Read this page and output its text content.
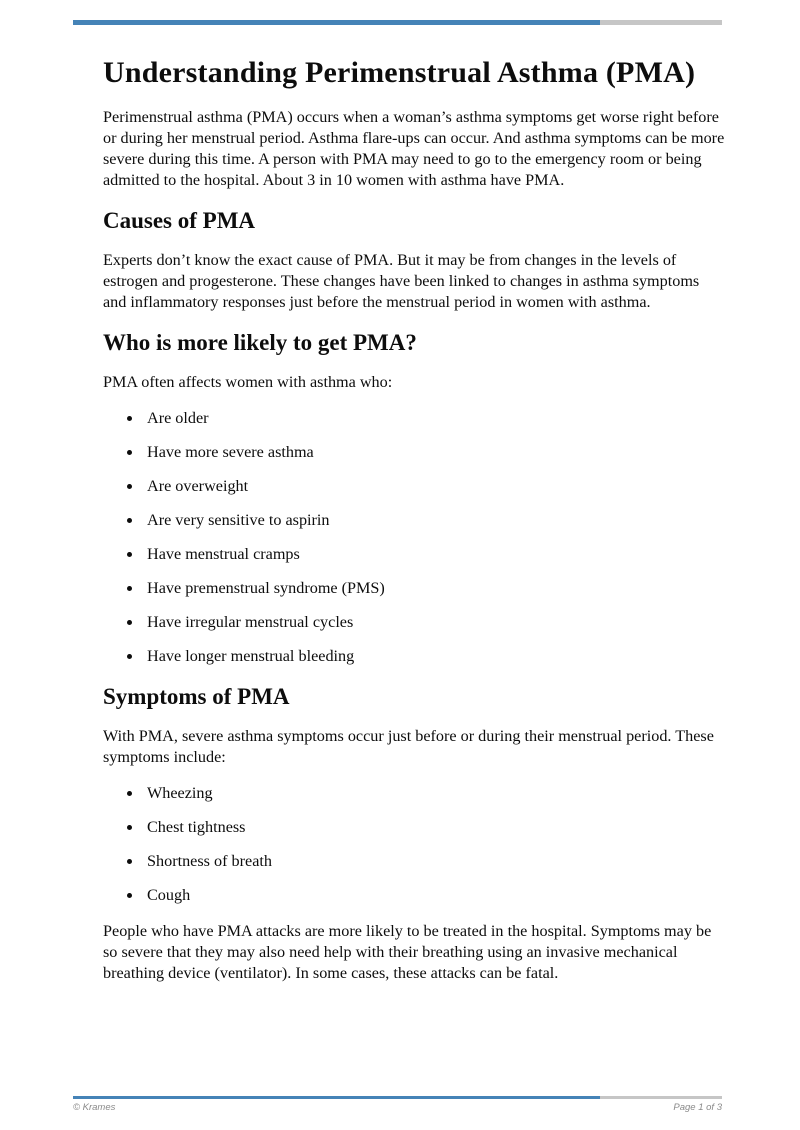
Understanding Perimenstrual Asthma (PMA)

Perimenstrual asthma (PMA) occurs when a woman’s asthma symptoms get worse right before or during her menstrual period. Asthma flare-ups can occur. And asthma symptoms can be more severe during this time. A person with PMA may need to go to the emergency room or being admitted to the hospital. About 3 in 10 women with asthma have PMA.

Causes of PMA

Experts don’t know the exact cause of PMA. But it may be from changes in the levels of estrogen and progesterone. These changes have been linked to changes in asthma symptoms and inflammatory responses just before the menstrual period in women with asthma.

Who is more likely to get PMA?

PMA often affects women with asthma who:

• Are older
• Have more severe asthma
• Are overweight
• Are very sensitive to aspirin
• Have menstrual cramps
• Have premenstrual syndrome (PMS)
• Have irregular menstrual cycles
• Have longer menstrual bleeding
Symptoms of PMA

With PMA, severe asthma symptoms occur just before or during their menstrual period. These symptoms include:

• Wheezing
• Chest tightness
• Shortness of breath
• Cough

People who have PMA attacks are more likely to be treated in the hospital. Symptoms may be so severe that they may also need help with their breathing using an invasive mechanical breathing device (ventilator). In some cases, these attacks can be fatal.

© Krames	Page 1 of 3
